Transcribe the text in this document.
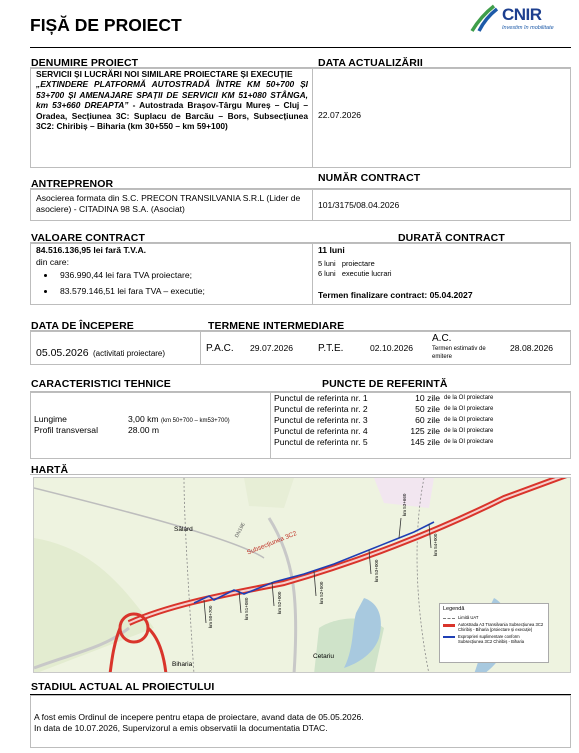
FIȘĂ DE PROIECT
CNIR
Investim în mobilitate
DENUMIRE PROIECT	DATA ACTUALIZĂRII
SERVICII ȘI LUCRĂRI NOI SIMILARE PROIECTARE ȘI EXECUȚIE
„EXTINDERE PLATFORMĂ AUTOSTRADĂ ÎNTRE KM 50+700 ȘI 53+700 ȘI AMENAJARE SPAȚII DE SERVICII KM 51+080 STÂNGA, km 53+660 DREAPTA” - Autostrada Brașov-Târgu Mureș – Cluj – Oradea, Secțiunea 3C: Suplacu de Barcău – Bors, Subsecțiunea 3C2: Chiribiș – Biharia (km 30+550 – km 59+100)
22.07.2026
ANTREPRENOR	NUMĂR CONTRACT
Asocierea formata din S.C. PRECON TRANSILVANIA S.R.L (Lider de asociere) - CITADINA 98 S.A. (Asociat)	101/3175/08.04.2026
VALOARE CONTRACT	DURATĂ CONTRACT
84.516.136,95 lei fară T.V.A.
din care:
• 936.990,44 lei fara TVA proiectare;
• 83.579.146,51 lei fara TVA – executie;
11 luni
5 luni   proiectare
6 luni   executie lucrari
Termen finalizare contract: 05.04.2027
DATA DE ÎNCEPERE	TERMENE INTERMEDIARE
05.05.2026 (activitati proiectare)	P.A.C. 29.07.2026 P.T.E.	02.10.2026
A.C.
Termen estimativ de emitere
28.08.2026
CARACTERISTICI TEHNICE	PUNCTE DE REFERINTĂ
Lungime	3,00 km (km 50+700 – km53+700)
Profil transversal	28.00 m
Punctul de referinta nr. 1	10 zile de la OI proiectare
Punctul de referinta nr. 2	50 zile de la OI proiectare
Punctul de referinta nr. 3	60 zile de la OI proiectare
Punctul de referinta nr. 4	125 zile de la OI proiectare
Punctul de referinta nr. 5	145 zile de la OI proiectare
HARTĂ
Sălard
Biharia
Cetariu
Subsecțiunea 3C2
DN19E
km 50+700	km 51+080	km 52+000	km 52+500
km 53+000
km 53+660
km 54+000
Legendă
Limită UAT
Autostrada A3 Transilvania Subsecțiunea 3C2 Chiribiș - Biharia (proiectare și execuție)
Exproprieri suplimentare conform Subsecțiunea 3C2 Chiribiș - Biharia
STADIUL ACTUAL AL PROIECTULUI
A fost emis Ordinul de incepere pentru etapa de proiectare, avand data de 05.05.2026.
In data de 10.07.2026, Supervizorul a emis observatii la documentatia DTAC.
